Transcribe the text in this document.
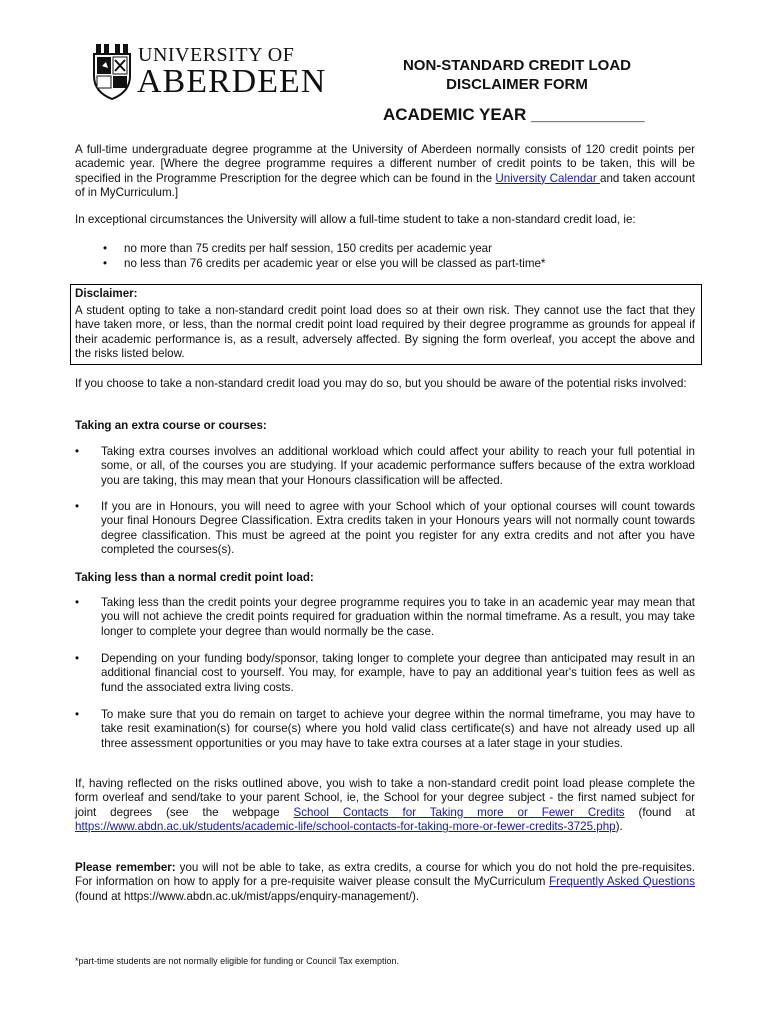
UNIVERSITY OF
ABERDEEN	NON-STANDARD CREDIT LOAD
DISCLAIMER FORM
ACADEMIC YEAR ____________
A full-time undergraduate degree programme at the University of Aberdeen normally consists of 120 credit points per academic year. [Where the degree programme requires a different number of credit points to be taken, this will be specified in the Programme Prescription for the degree which can be found in the University Calendar and taken account of in MyCurriculum.]
In exceptional circumstances the University will allow a full-time student to take a non-standard credit load, ie:
• no more than 75 credits per half session, 150 credits per academic year
• no less than 76 credits per academic year or else you will be classed as part-time*
Disclaimer:
A student opting to take a non-standard credit point load does so at their own risk. They cannot use the fact that they have taken more, or less, than the normal credit point load required by their degree programme as grounds for appeal if their academic performance is, as a result, adversely affected. By signing the form overleaf, you accept the above and the risks listed below.
If you choose to take a non-standard credit load you may do so, but you should be aware of the potential risks involved:
Taking an extra course or courses:
• Taking extra courses involves an additional workload which could affect your ability to reach your full potential in some, or all, of the courses you are studying. If your academic performance suffers because of the extra workload you are taking, this may mean that your Honours classification will be affected.
• If you are in Honours, you will need to agree with your School which of your optional courses will count towards your final Honours Degree Classification. Extra credits taken in your Honours years will not normally count towards degree classification. This must be agreed at the point you register for any extra credits and not after you have completed the courses(s).
Taking less than a normal credit point load:
• Taking less than the credit points your degree programme requires you to take in an academic year may mean that you will not achieve the credit points required for graduation within the normal timeframe. As a result, you may take longer to complete your degree than would normally be the case.
• Depending on your funding body/sponsor, taking longer to complete your degree than anticipated may result in an additional financial cost to yourself. You may, for example, have to pay an additional year's tuition fees as well as fund the associated extra living costs.
• To make sure that you do remain on target to achieve your degree within the normal timeframe, you may have to take resit examination(s) for course(s) where you hold valid class certificate(s) and have not already used up all three assessment opportunities or you may have to take extra courses at a later stage in your studies.
If, having reflected on the risks outlined above, you wish to take a non-standard credit point load please complete the form overleaf and send/take to your parent School, ie, the School for your degree subject - the first named subject for joint degrees (see the webpage School Contacts for Taking more or Fewer Credits (found at https://www.abdn.ac.uk/students/academic-life/school-contacts-for-taking-more-or-fewer-credits-3725.php).
Please remember: you will not be able to take, as extra credits, a course for which you do not hold the pre-requisites. For information on how to apply for a pre-requisite waiver please consult the MyCurriculum Frequently Asked Questions (found at https://www.abdn.ac.uk/mist/apps/enquiry-management/).
*part-time students are not normally eligible for funding or Council Tax exemption.
